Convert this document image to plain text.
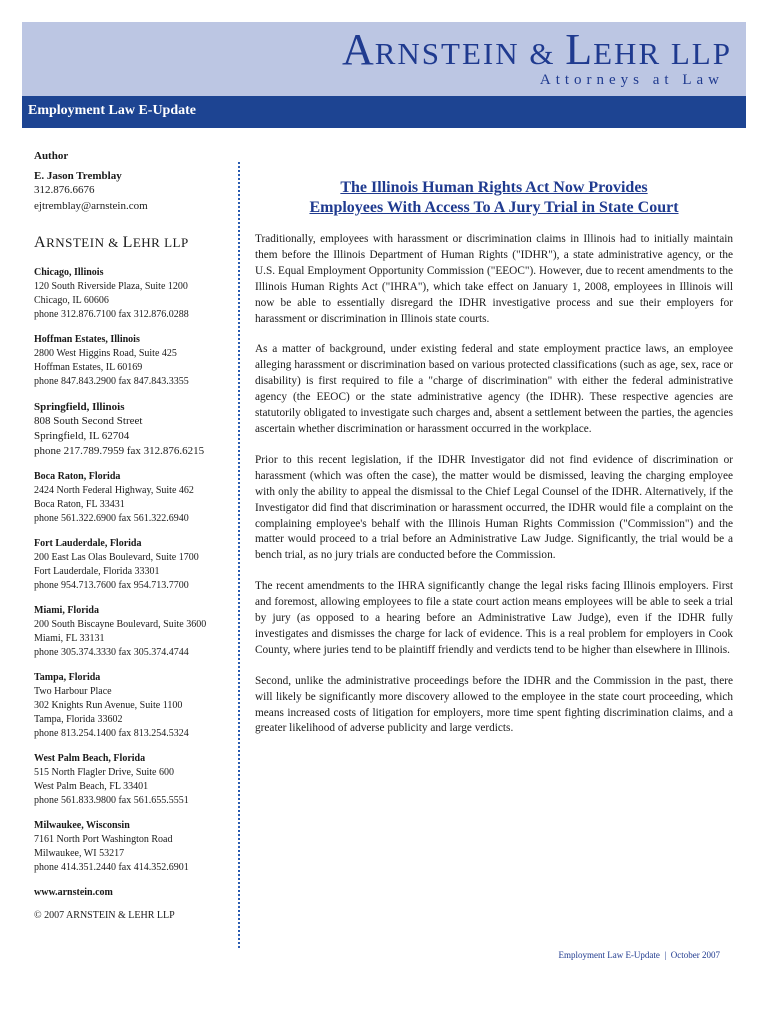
ARNSTEIN & LEHR LLP
Attorneys at Law
Employment Law E-Update
Author
E. Jason Tremblay
312.876.6676
ejtremblay@arnstein.com
ARNSTEIN & LEHR LLP
Chicago, Illinois
120 South Riverside Plaza, Suite 1200
Chicago, IL 60606
phone 312.876.7100 fax 312.876.0288
Hoffman Estates, Illinois
2800 West Higgins Road, Suite 425
Hoffman Estates, IL 60169
phone 847.843.2900 fax 847.843.3355
Springfield, Illinois
808 South Second Street
Springfield, IL 62704
phone 217.789.7959 fax 312.876.6215
Boca Raton, Florida
2424 North Federal Highway, Suite 462
Boca Raton, FL 33431
phone 561.322.6900 fax 561.322.6940
Fort Lauderdale, Florida
200 East Las Olas Boulevard, Suite 1700
Fort Lauderdale, Florida 33301
phone 954.713.7600 fax 954.713.7700
Miami, Florida
200 South Biscayne Boulevard, Suite 3600
Miami, FL 33131
phone 305.374.3330 fax 305.374.4744
Tampa, Florida
Two Harbour Place
302 Knights Run Avenue, Suite 1100
Tampa, Florida 33602
phone 813.254.1400 fax 813.254.5324
West Palm Beach, Florida
515 North Flagler Drive, Suite 600
West Palm Beach, FL 33401
phone 561.833.9800 fax 561.655.5551
Milwaukee, Wisconsin
7161 North Port Washington Road
Milwaukee, WI 53217
phone 414.351.2440 fax 414.352.6901
www.arnstein.com
© 2007 ARNSTEIN & LEHR LLP
The Illinois Human Rights Act Now Provides
Employees With Access To A Jury Trial in State Court

Traditionally, employees with harassment or discrimination claims in Illinois had to initially maintain them before the Illinois Department of Human Rights ("IDHR"), a state administrative agency, or the U.S. Equal Employment Opportunity Commission ("EEOC"). However, due to recent amendments to the Illinois Human Rights Act ("IHRA"), which take effect on January 1, 2008, employees in Illinois will now be able to essentially disregard the IDHR investigative process and sue their employers for harassment or discrimination in Illinois state courts.

As a matter of background, under existing federal and state employment practice laws, an employee alleging harassment or discrimination based on various protected classifications (such as age, sex, race or disability) is first required to file a "charge of discrimination" with either the federal administrative agency (the EEOC) or the state administrative agency (the IDHR). These respective agencies are statutorily obligated to investigate such charges and, absent a settlement between the parties, the agencies ascertain whether discrimination or harassment occurred in the workplace.

Prior to this recent legislation, if the IDHR Investigator did not find evidence of discrimination or harassment (which was often the case), the matter would be dismissed, leaving the charging employee with only the ability to appeal the dismissal to the Chief Legal Counsel of the IDHR. Alternatively, if the Investigator did find that discrimination or harassment occurred, the IDHR would file a complaint on the complaining employee's behalf with the Illinois Human Rights Commission ("Commission") and the matter would proceed to a trial before an Administrative Law Judge. Significantly, the trial would be a bench trial, as no jury trials are conducted before the Commission.

The recent amendments to the IHRA significantly change the legal risks facing Illinois employers. First and foremost, allowing employees to file a state court action means employees will be able to seek a trial by jury (as opposed to a hearing before an Administrative Law Judge), even if the IDHR fully investigates and dismisses the charge for lack of evidence. This is a real problem for employers in Cook County, where juries tend to be plaintiff friendly and verdicts tend to be higher than elsewhere in Illinois.

Second, unlike the administrative proceedings before the IDHR and the Commission in the past, there will likely be significantly more discovery allowed to the employee in the state court proceeding, which means increased costs of litigation for employers, more time spent fighting discrimination claims, and a greater likelihood of adverse publicity and large verdicts.

Employment Law E-Update | October 2007
